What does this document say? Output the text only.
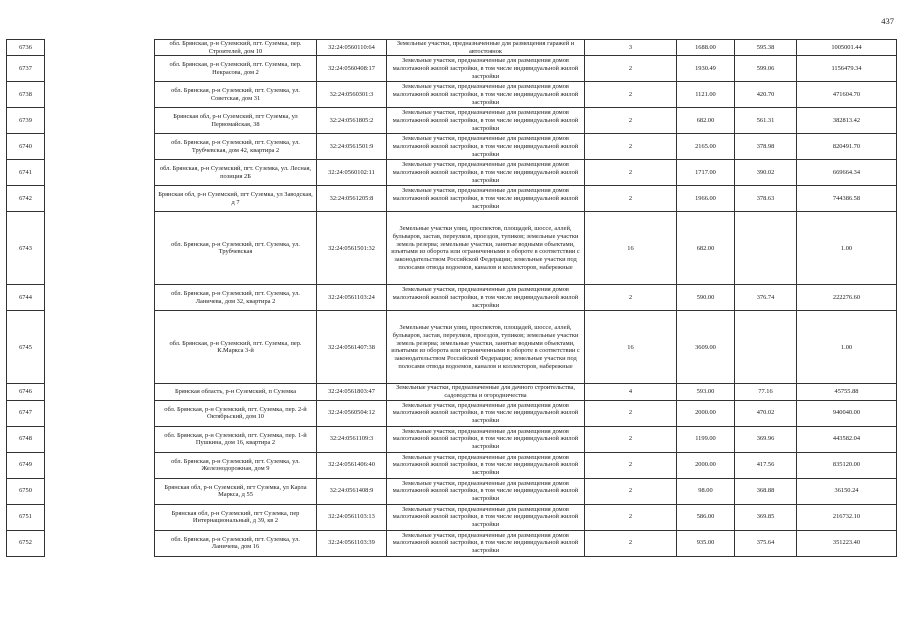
437
6736		обл. Брянская, р-н Суземский, пгт. Суземка, пер. Строителей, дом 10	32:24:0560110:64	Земельные участки, предназначенные для размещения гаражей и автостоянок	3	1688.00	595.38	1005001.44
6737		обл. Брянская, р-н Суземский, пгт. Суземка, пер. Некрасова, дом 2	32:24:0560408:17	Земельные участки, предназначенные для размещения домов малоэтажной жилой застройки, в том числе индивидуальной жилой застройки	2	1930.49	599.06	1156479.34
6738		обл. Брянская, р-н Суземский, пгт. Суземка, ул. Советская, дом 31	32:24:0560301:3	Земельные участки, предназначенные для размещения домов малоэтажной жилой застройки, в том числе индивидуальной жилой застройки	2	1121.00	420.70	471604.70
6739		Брянская обл, р-н Суземский, пгт Суземка, ул Первомайская, 38	32:24:0561805:2	Земельные участки, предназначенные для размещения домов малоэтажной жилой застройки, в том числе индивидуальной жилой застройки	2	682.00	561.31	382813.42
6740		обл. Брянская, р-н Суземский, пгт. Суземка, ул. Трубчевская, дом 42, квартира 2	32:24:0561501:9	Земельные участки, предназначенные для размещения домов малоэтажной жилой застройки, в том числе индивидуальной жилой застройки	2	2165.00	378.98	820491.70
6741		обл. Брянская, р-н Суземский, пгт. Суземка, ул. Лесная, позиция 2Б	32:24:0560102:11	Земельные участки, предназначенные для размещения домов малоэтажной жилой застройки, в том числе индивидуальной жилой застройки	2	1717.00	390.02	669664.34
6742		Брянская обл, р-н Суземский, пгт Суземка, ул Заводская, д 7	32:24:0561205:8	Земельные участки, предназначенные для размещения домов малоэтажной жилой застройки, в том числе индивидуальной жилой застройки	2	1966.00	378.63	744386.58
6743		обл. Брянская, р-н Суземский, пгт. Суземка, ул. Трубчевская	32:24:0561501:32	Земельные участки улиц, проспектов, площадей, шоссе, аллей, бульваров, застав, переулков, проездов, тупиков; земельные участки земель резерва; земельные участки, занятые водными объектами, изъятыми из оборота или ограниченными в обороте в соответствии с законодательством Российской Федерации; земельные участки под полосами отвода водоемов, каналов и коллекторов, набережные	16	682.00		1.00
6744		обл. Брянская, р-н Суземский, пгт. Суземка, ул. Ланичева, дом 32, квартира 2	32:24:0561103:24	Земельные участки, предназначенные для размещения домов малоэтажной жилой застройки, в том числе индивидуальной жилой застройки	2	590.00	376.74	222276.60
6745		обл. Брянская, р-н Суземский, пгт. Суземка, пер. К.Маркса 3-й	32:24:0561407:38	Земельные участки улиц, проспектов, площадей, шоссе, аллей, бульваров, застав, переулков, проездов, тупиков; земельные участки земель резерва; земельные участки, занятые водными объектами, изъятыми из оборота или ограниченными в обороте в соответствии с законодательством Российской Федерации; земельные участки под полосами отвода водоемов, каналов и коллекторов, набережные	16	3609.00		1.00
6746		Брянская область, р-н Суземский, п Суземка	32:24:0561803:47	Земельные участки, предназначенные для дачного строительства, садоводства и огородничества	4	593.00	77.16	45755.88
6747		обл. Брянская, р-н Суземский, пгт. Суземка, пер. 2-й Октябрьский, дом 10	32:24:0560504:12	Земельные участки, предназначенные для размещения домов малоэтажной жилой застройки, в том числе индивидуальной жилой застройки	2	2000.00	470.02	940040.00
6748		обл. Брянская, р-н Суземский, пгт. Суземка, пер. 1-й Пушкина, дом 16, квартира 2	32:24:0561109:3	Земельные участки, предназначенные для размещения домов малоэтажной жилой застройки, в том числе индивидуальной жилой застройки	2	1199.00	369.96	443582.04
6749		обл. Брянская, р-н Суземский, пгт. Суземка, ул. Железнодорожная, дом 9	32:24:0561406:40	Земельные участки, предназначенные для размещения домов малоэтажной жилой застройки, в том числе индивидуальной жилой застройки	2	2000.00	417.56	835120.00
6750		Брянская обл, р-н Суземский, пгт Суземка, ул Карла Маркса, д 55	32:24:0561408:9	Земельные участки, предназначенные для размещения домов малоэтажной жилой застройки, в том числе индивидуальной жилой застройки	2	98.00	368.88	36150.24
6751		Брянская обл, р-н Суземский, пгт Суземка, пер Интернациональный, д 39, кв 2	32:24:0561103:13	Земельные участки, предназначенные для размещения домов малоэтажной жилой застройки, в том числе индивидуальной жилой застройки	2	586.00	369.85	216732.10
6752		обл. Брянская, р-н Суземский, пгт. Суземка, ул. Ланичева, дом 16	32:24:0561103:39	Земельные участки, предназначенные для размещения домов малоэтажной жилой застройки, в том числе индивидуальной жилой застройки	2	935.00	375.64	351223.40
